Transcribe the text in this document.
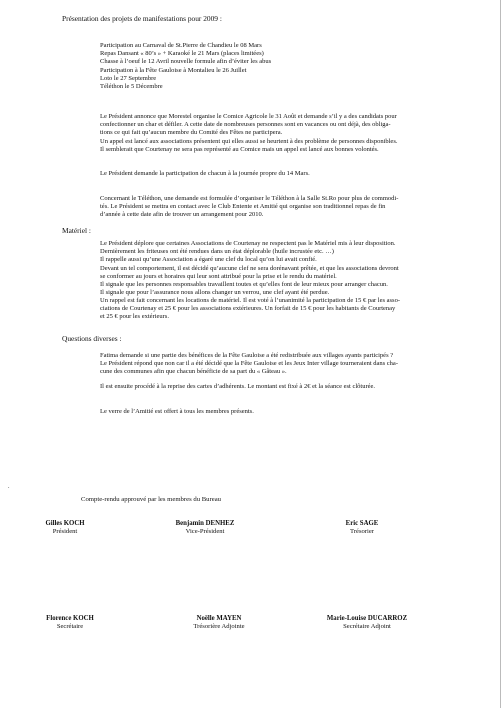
Présentation des projets de manifestations pour 2009 :
Participation au Carnaval de St.Pierre de Chandieu le 08 Mars
Repas Dansant « 80’s » + Karaoké le 21 Mars (places limitées)
Chasse à l’oeuf le 12 Avril nouvelle formule afin d’éviter les abus
Participation à la Fête Gauloise à Montalieu le 26 Juillet
Loto le 27 Septembre
Téléthon le 5 Décembre
Le Président annonce que Morestel organise le Comice Agricole le 31 Août et demande s’il y a des candidats pour
confectionner un char et défiler. A cette date de nombreuses personnes sont en vacances ou ont déjà, des obliga-
tions ce qui fait qu’aucun membre du Comité des Fêtes ne participera.
Un appel est lancé aux associations présentent qui elles aussi se heurtent à des problème de personnes disponibles.
Il semblerait que Courtenay ne sera pas représenté au Comice mais un appel est lancé aux bonnes volontés.
Le Président demande la participation de chacun à la journée propre du 14 Mars.
Concernant le Téléthon, une demande est formulée d’organiser le Téléthon à la Salle St.Ro pour plus de commodi-
tés. Le Président se mettra en contact avec le Club Entente et Amitié qui organise son traditionnel repas de fin
d’année à cette date afin de trouver un arrangement pour 2010.
Matériel :
Le Président déplore que certaines Associations de Courtenay ne respectent pas le Matériel mis à leur disposition.
Dernièrement les friteuses ont été rendues dans un état déplorable (huile incrustée etc. …)
Il rappelle aussi qu’une Association a égaré une clef du local qu’on lui avait confié.
Devant un tel comportement, il est décidé qu’aucune clef ne sera dorénavant prêtée, et que les associations devront
se conformer au jours et horaires qui leur sont attribué pour la prise et le rendu du matériel.
Il signale que les personnes responsables travaillent toutes et qu’elles font de leur mieux pour arranger chacun.
Il signale que pour l’assurance nous allons changer un verrou, une clef ayant été perdue.
Un rappel est fait concernant les locations de matériel. Il est voté à l’unanimité la participation de 15 € par les asso-
ciations de Courtenay et 25 € pour les associations extérieures. Un forfait de 15 € pour les habitants de Courtenay
et 25 € pour les extérieurs.
Questions diverses :
Fatima demande si une partie des bénéfices de la Fête Gauloise a été redistribuée aux villages ayants participés ?
Le Président répond que non car il a été décidé que la Fête Gauloise et les Jeux Inter village tourneraient dans cha-
cune des communes afin que chacun bénéficie de sa part du « Gâteau ».
Il est ensuite procédé à la reprise des cartes d’adhérents. Le montant est fixé à 2€ et la séance est clôturée.
Le verre de l’Amitié est offert à tous les membres présents.
.
Compte-rendu approuvé par les membres du Bureau
Gilles KOCH
Président
Benjamin DENHEZ
Vice-Président
Eric SAGE
Trésorier
Florence KOCH
Secrétaire
Noëlle MAYEN
Trésorière Adjointe
Marie-Louise DUCARROZ
Secrétaire Adjoint
